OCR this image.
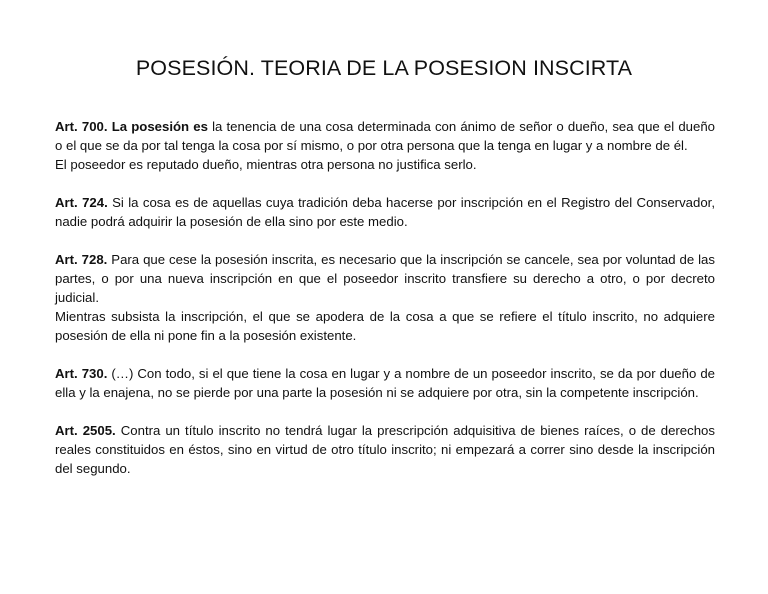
POSESIÓN. TEORIA DE LA POSESION INSCIRTA

Art. 700. La posesión es la tenencia de una cosa determinada con ánimo de señor o dueño, sea que el dueño o el que se da por tal tenga la cosa por sí mismo, o por otra persona que la tenga en lugar y a nombre de él.

El poseedor es reputado dueño, mientras otra persona no justifica serlo.

Art. 724. Si la cosa es de aquellas cuya tradición deba hacerse por inscripción en el Registro del Conservador, nadie podrá adquirir la posesión de ella sino por este medio.

Art. 728. Para que cese la posesión inscrita, es necesario que la inscripción se cancele, sea por voluntad de las partes, o por una nueva inscripción en que el poseedor inscrito transfiere su derecho a otro, o por decreto judicial.

Mientras subsista la inscripción, el que se apodera de la cosa a que se refiere el título inscrito, no adquiere posesión de ella ni pone fin a la posesión existente.

Art. 730. (…) Con todo, si el que tiene la cosa en lugar y a nombre de un poseedor inscrito, se da por dueño de ella y la enajena, no se pierde por una parte la posesión ni se adquiere por otra, sin la competente inscripción.

Art. 2505. Contra un título inscrito no tendrá lugar la prescripción adquisitiva de bienes raíces, o de derechos reales constituidos en éstos, sino en virtud de otro título inscrito; ni empezará a correr sino desde la inscripción del segundo.
